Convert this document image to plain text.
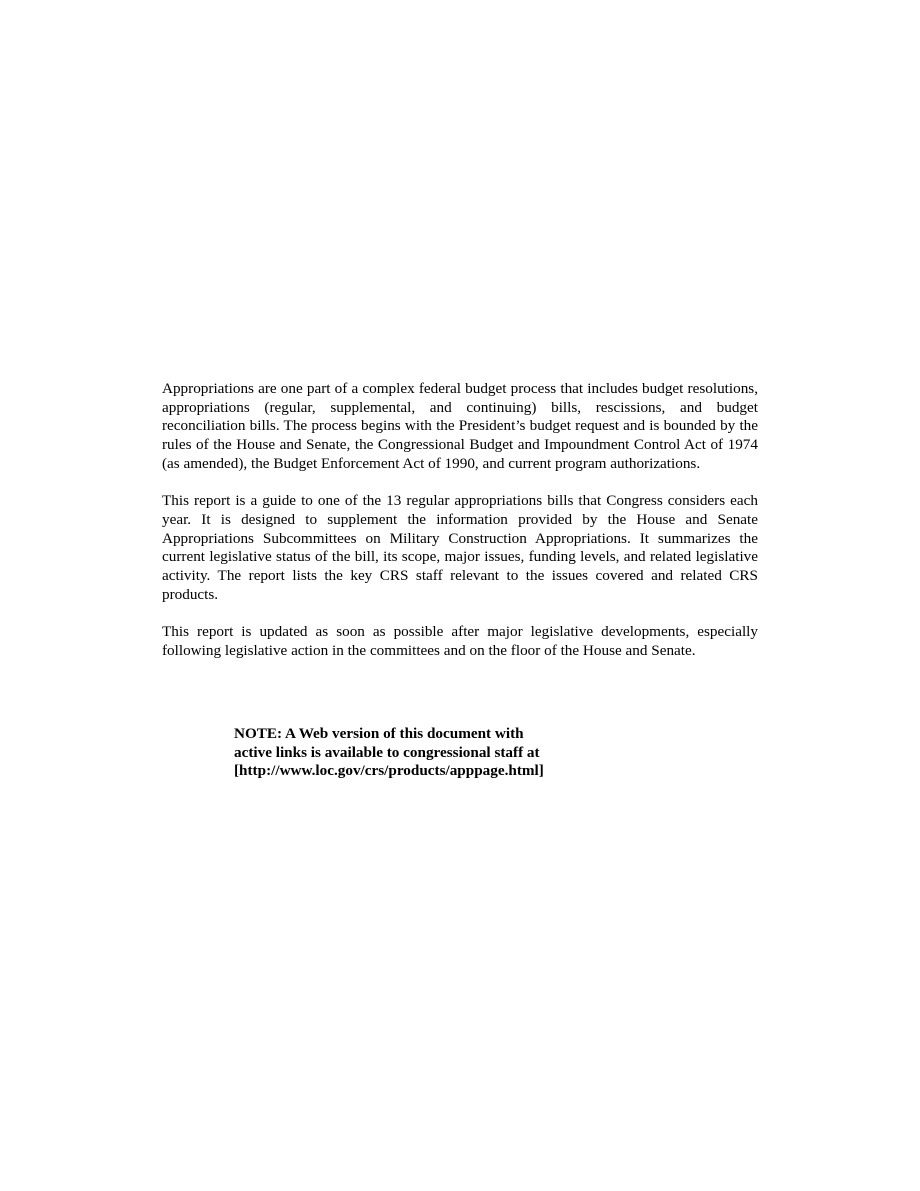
Appropriations are one part of a complex federal budget process that includes budget resolutions, appropriations (regular, supplemental, and continuing) bills, rescissions, and budget reconciliation bills. The process begins with the President’s budget request and is bounded by the rules of the House and Senate, the Congressional Budget and Impoundment Control Act of 1974 (as amended), the Budget Enforcement Act of 1990, and current program authorizations.

This report is a guide to one of the 13 regular appropriations bills that Congress considers each year. It is designed to supplement the information provided by the House and Senate Appropriations Subcommittees on Military Construction Appropriations. It summarizes the current legislative status of the bill, its scope, major issues, funding levels, and related legislative activity. The report lists the key CRS staff relevant to the issues covered and related CRS products.

This report is updated as soon as possible after major legislative developments, especially following legislative action in the committees and on the floor of the House and Senate.

NOTE: A Web version of this document with
active links is available to congressional staff at
[http://www.loc.gov/crs/products/apppage.html]
